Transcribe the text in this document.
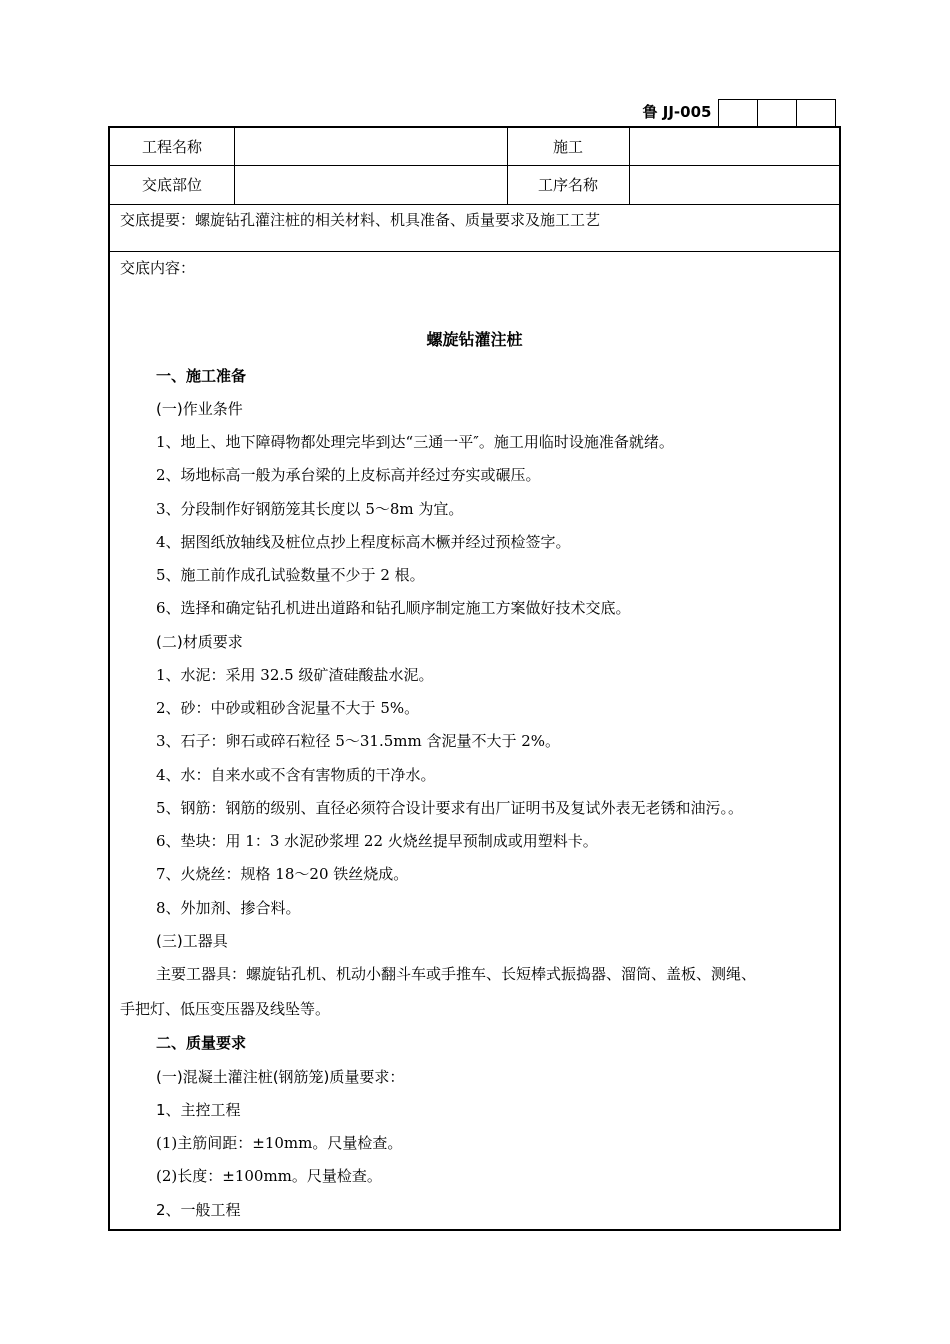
鲁 JJ-005
工程名称	施工
交底部位	工序名称
交底提要：螺旋钻孔灌注桩的相关材料、机具准备、质量要求及施工工艺
交底内容：
螺旋钻灌注桩
一、施工准备
(一)作业条件
1、地上、地下障碍物都处理完毕到达“三通一平″。施工用临时设施准备就绪。
2、场地标高一般为承台梁的上皮标高并经过夯实或碾压。
3、分段制作好钢筋笼其长度以 5～8m 为宜。
4、据图纸放轴线及桩位点抄上程度标高木橛并经过预检签字。
5、施工前作成孔试验数量不少于 2 根。
6、选择和确定钻孔机进出道路和钻孔顺序制定施工方案做好技术交底。
(二)材质要求
1、水泥：采用 32.5 级矿渣硅酸盐水泥。
2、砂：中砂或粗砂含泥量不大于 5%。
3、石子：卵石或碎石粒径 5～31.5mm 含泥量不大于 2%。
4、水：自来水或不含有害物质的干净水。
5、钢筋：钢筋的级别、直径必须符合设计要求有出厂证明书及复试外表无老锈和油污。。
6、垫块：用 1：3 水泥砂浆埋 22 火烧丝提早预制成或用塑料卡。
7、火烧丝：规格 18～20 铁丝烧成。
8、外加剂、掺合料。
(三)工器具
主要工器具：螺旋钻孔机、机动小翻斗车或手推车、长短棒式振捣器、溜筒、盖板、测绳、
手把灯、低压变压器及线坠等。
二、质量要求
(一)混凝土灌注桩(钢筋笼)质量要求：
1、主控工程
(1)主筋间距：±10mm。尺量检查。
(2)长度：±100mm。尺量检查。
2、一般工程
